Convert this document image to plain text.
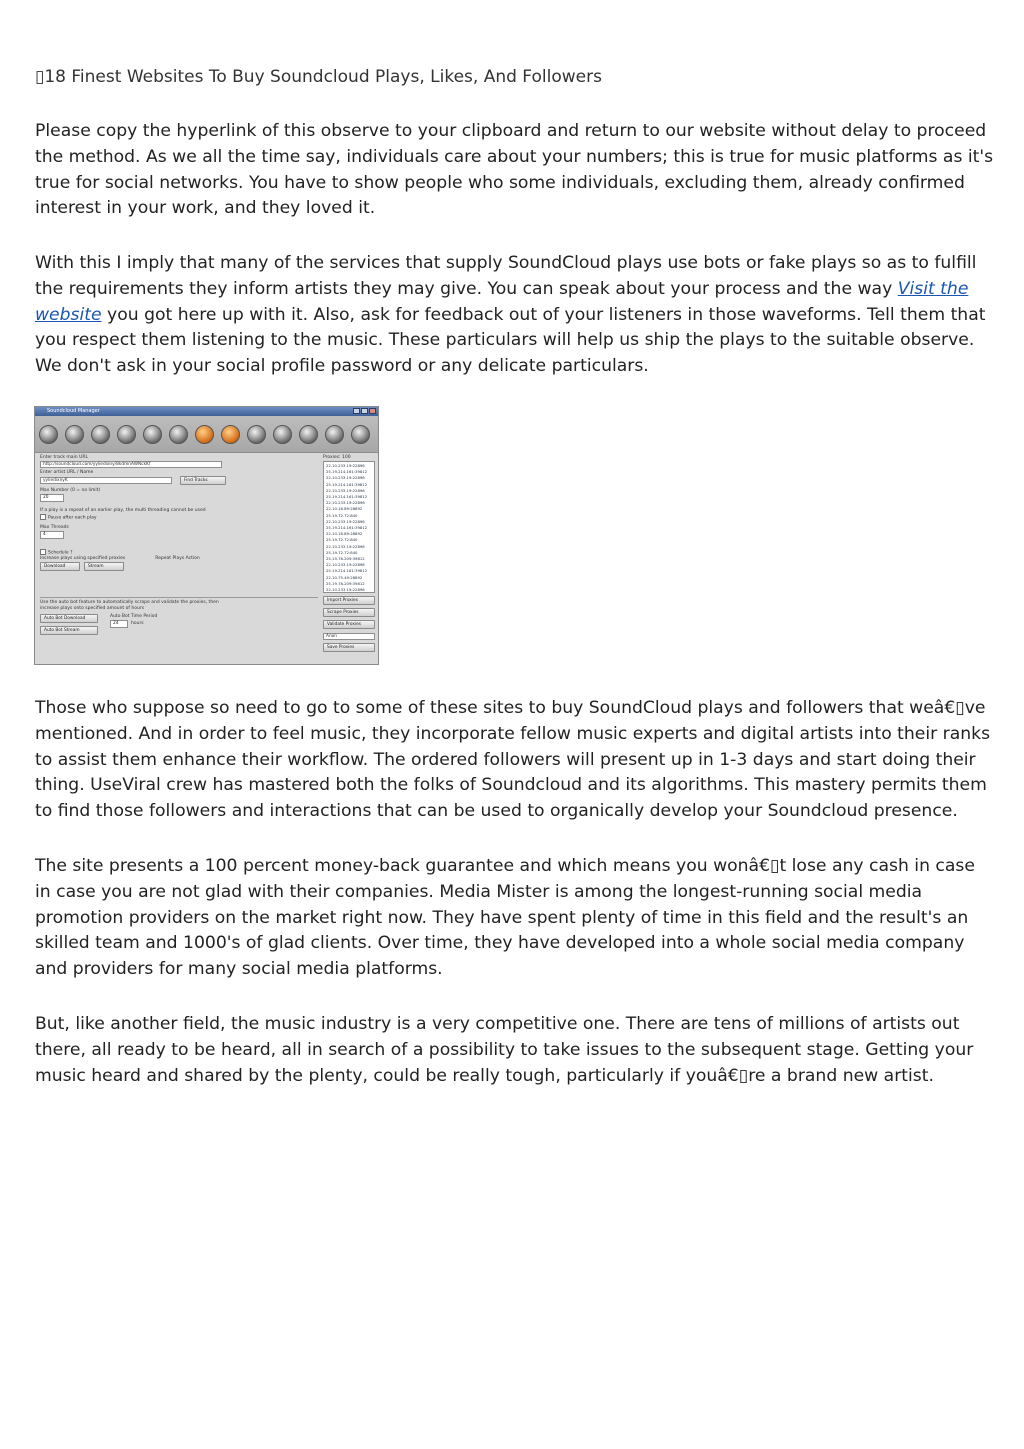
▯18 Finest Websites To Buy Soundcloud Plays, Likes, And Followers

Please copy the hyperlink of this observe to your clipboard and return to our website without delay to proceed the method. As we all the time say, individuals care about your numbers; this is true for music platforms as it's true for social networks. You have to show people who some individuals, excluding them, already confirmed interest in your work, and they loved it.

With this I imply that many of the services that supply SoundCloud plays use bots or fake plays so as to fulfill the requirements they inform artists they may give. You can speak about your process and the way Visit the website you got here up with it. Also, ask for feedback out of your listeners in those waveforms. Tell them that you respect them listening to the music. These particulars will help us ship the plays to the suitable observe. We don't ask in your social profile password or any delicate particulars.

Those who suppose so need to go to some of these sites to buy SoundCloud plays and followers that weâ€▯ve mentioned. And in order to feel music, they incorporate fellow music experts and digital artists into their ranks to assist them enhance their workflow. The ordered followers will present up in 1-3 days and start doing their thing. UseViral crew has mastered both the folks of Soundcloud and its algorithms. This mastery permits them to find those followers and interactions that can be used to organically develop your Soundcloud presence.

The site presents a 100 percent money-back guarantee and which means you wonâ€▯t lose any cash in case in case you are not glad with their companies. Media Mister is among the longest-running social media promotion providers on the market right now. They have spent plenty of time in this field and the result's an skilled team and 1000's of glad clients. Over time, they have developed into a whole social media company and providers for many social media platforms.

But, like another field, the music industry is a very competitive one. There are tens of millions of artists out there, all ready to be heard, all in search of a possibility to take issues to the subsequent stage. Getting your music heard and shared by the plenty, could be really tough, particularly if youâ€▯re a brand new artist.

Soundcloud Manager
Enter track main URL
http://soundcloud.com/yyliedixny/8kdmnAWNckKf
Enter artist URL / Name
yyliedixnyK	Find Tracks
Max Number (0 = no limit)
20
If a play is a repeat of an earlier play, the multi threading cannot be used
Pause after each play
Max Threads
4
Schedule ?
Increase plays using specified proxies	Repeat Plays Action
Download	Stream
Use the auto bot feature to automatically scrape and validate the proxies, then increase plays onto specified amount of hours
Auto Bot Download
Auto Bot Stream
Auto Bot Time Period
24	hours
Proxies: 100
22.10.233.19:22896
25.19.214.161:39812
22.10.233.19:22896
25.19.214.161:39812
22.10.233.19:22896
25.19.214.161:39812
22.10.233.19:22896
22.10.18.89:28892
25.19.72.72:840
22.10.233.19:22896
25.19.214.161:39812
22.10.18.89:28892
25.19.72.72:840
22.10.233.19:22896
25.19.72.72:840
25.19.78.209:39812
22.10.233.19:22896
25.19.214.161:39812
22.10.75.49:28892
25.19.78.209:39812
22.10.233.19:22896
Import Proxies
Scrape Proxies
Validate Proxies
Anon
Save Proxies
